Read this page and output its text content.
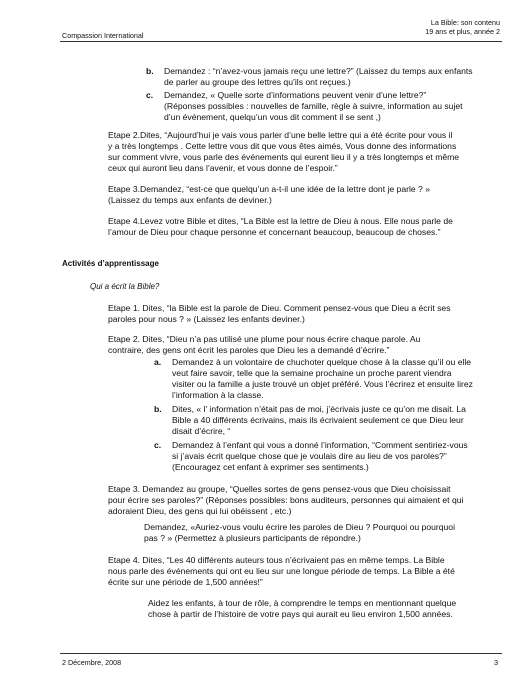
Compassion International
La Bible: son contenu
19 ans et plus, année 2
b.	Demandez : “n’avez-vous jamais reçu une lettre?” (Laissez du temps aux enfants
de parler au groupe des lettres qu’ils ont reçues.)
c.	Demandez, « Quelle sorte d’informations peuvent venir d’une lettre?”
(Réponses possibles : nouvelles de famille, règle à suivre, information au sujet
d’un événement, quelqu’un vous dit comment il se sent ,)
Etape 2.Dites, “Aujourd’hui je vais vous parler d’une belle lettre qui a été écrite pour vous il
y a très longtemps . Cette lettre vous dit que vous êtes aimés, Vous donne des informations
sur comment vivre, vous parle des événements qui eurent lieu il y a très longtemps et même
ceux qui auront lieu dans l’avenir, et vous donne de l’espoir.”
Etape 3.Demandez, “est-ce que quelqu’un a-t-il une idée de la lettre dont je parle ? »
(Laissez du temps aux enfants de deviner.)
Etape 4.Levez votre Bible et dites, “La Bible est la lettre de Dieu à nous. Elle nous parle de
l’amour de Dieu pour chaque personne et concernant beaucoup, beaucoup de choses.”
Activités d’apprentissage
Qui a écrit la Bible?
Etape 1. Dites, “la Bible est la parole de Dieu. Comment pensez-vous que Dieu a écrit ses
paroles pour nous ? » (Laissez les enfants deviner.)
Etape 2. Dites, “Dieu n’a pas utilisé une plume pour nous écrire chaque parole. Au
contraire, des gens ont écrit les paroles que Dieu les a demandé d’écrire.”
a.	Demandez à un volontaire de chuchoter quelque chose à la classe qu’il ou elle
veut faire savoir, telle que la semaine prochaine un proche parent viendra
visiter ou la famille a juste trouvé un objet préféré. Vous l’écrirez et ensuite lirez
l’information à la classe.
b.	Dites, « l’ information n’était pas de moi, j’écrivais juste ce qu’on me disait. La
Bible a 40 différents écrivains, mais ils écrivaient seulement ce que Dieu leur
disait d’écrire, “
c.	Demandez à l’enfant qui vous a donné l’information, “Comment sentiriez-vous
si j’avais écrit quelque chose que je voulais dire au lieu de vos paroles?”
(Encouragez cet enfant à exprimer ses sentiments.)
Etape 3. Demandez au groupe, “Quelles sortes de gens pensez-vous que Dieu choisissait
pour écrire ses paroles?” (Réponses possibles: bons auditeurs, personnes qui aimaient et qui
adoraient Dieu, des gens qui lui obéissent , etc.)
Demandez, «Auriez-vous voulu écrire les paroles de Dieu ? Pourquoi ou pourquoi
pas ? » (Permettez à plusieurs participants de répondre.)
Etape 4. Dites, “Les 40 différents auteurs tous n’écrivaient pas en même temps. La Bible
nous parle des événements qui ont eu lieu sur une longue période de temps. La Bible a été
écrite sur une période de 1,500 années!”
Aidez les enfants, à tour de rôle, à comprendre le temps en mentionnant quelque
chose à partir de l’histoire de votre pays qui aurait eu lieu environ 1,500 années.
2 Décembre, 2008	3
